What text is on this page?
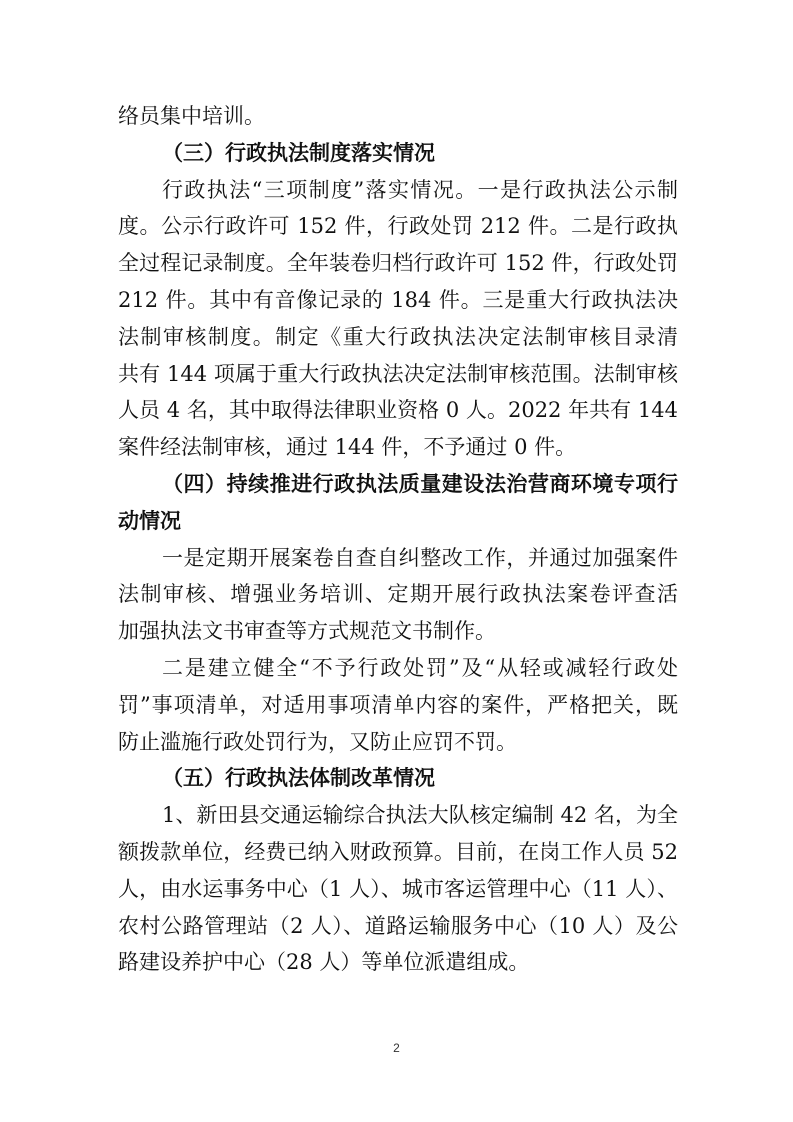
络员集中培训。
（三）行政执法制度落实情况
行政执法“三项制度”落实情况。一是行政执法公示制
度。公示行政许可 152 件，行政处罚 212 件。二是行政执
全过程记录制度。全年装卷归档行政许可 152 件，行政处罚
212 件。其中有音像记录的 184 件。三是重大行政执法决
法制审核制度。制定《重大行政执法决定法制审核目录清
共有 144 项属于重大行政执法决定法制审核范围。法制审核
人员 4 名，其中取得法律职业资格 0 人。2022 年共有 144
案件经法制审核，通过 144 件，不予通过 0 件。
（四）持续推进行政执法质量建设法治营商环境专项行
动情况
一是定期开展案卷自查自纠整改工作，并通过加强案件
法制审核、增强业务培训、定期开展行政执法案卷评查活
加强执法文书审查等方式规范文书制作。
二是建立健全“不予行政处罚”及“从轻或减轻行政处
罚”事项清单，对适用事项清单内容的案件，严格把关，既
防止滥施行政处罚行为，又防止应罚不罚。
（五）行政执法体制改革情况
1、新田县交通运输综合执法大队核定编制 42 名，为全
额拨款单位，经费已纳入财政预算。目前，在岗工作人员 52
人，由水运事务中心（1 人）、城市客运管理中心（11 人）、
农村公路管理站（2 人）、道路运输服务中心（10 人）及公
路建设养护中心（28 人）等单位派遣组成。
2
